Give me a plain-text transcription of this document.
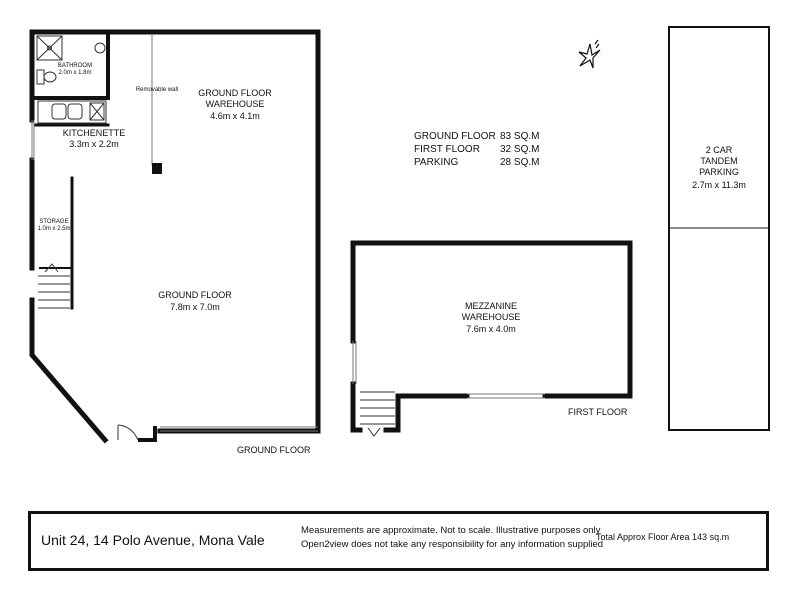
BATHROOM
2.0m x 1.8m
Removable wall	GROUND FLOOR
WAREHOUSE
4.6m x 4.1m
KITCHENETTE
3.3m x 2.2m
STORAGE
1.0m x 2.5m
GROUND FLOOR
7.8m x 7.0m	MEZZANINE
WAREHOUSE
7.6m x 4.0m
2 CAR
TANDEM
PARKING
2.7m x 11.3m
GROUND FLOOR 83 SQ.M
FIRST FLOOR	32 SQ.M
PARKING	28 SQ.M
GROUND FLOOR
FIRST FLOOR
Unit 24, 14 Polo Avenue, Mona Vale
Measurements are approximate. Not to scale. Illustrative purposes only
Open2view does not take any responsibility for any information supplied
Total Approx Floor Area 143 sq.m
